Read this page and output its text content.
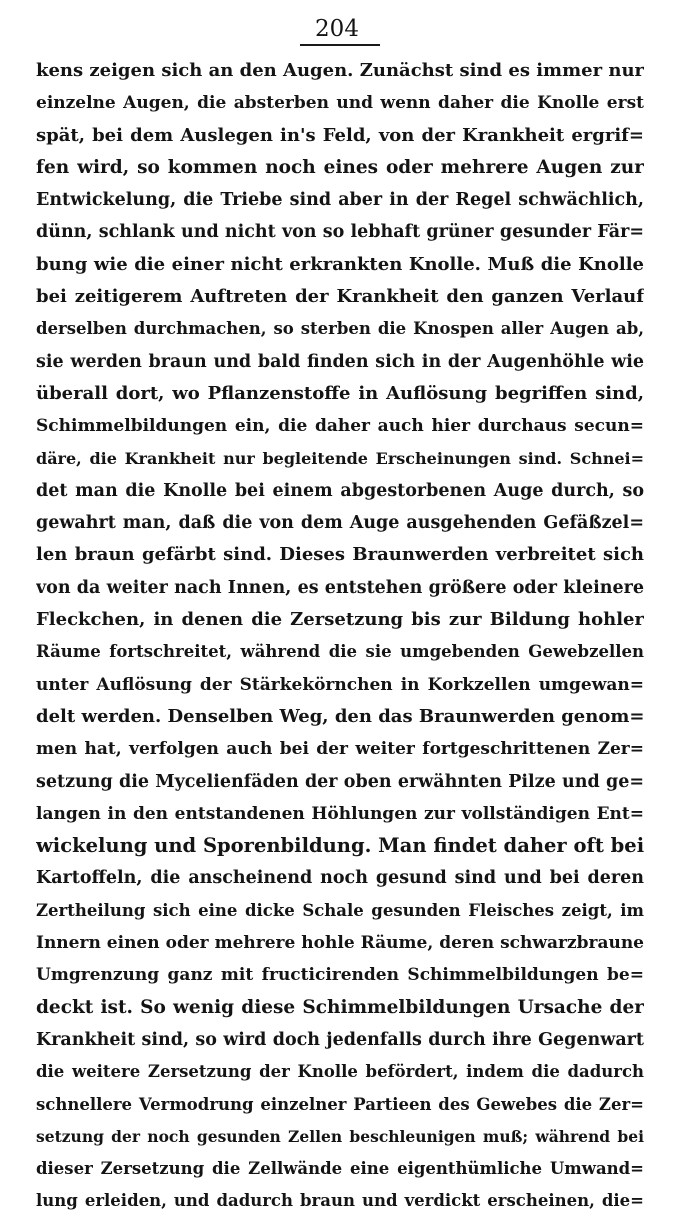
204
kens zeigen sich an den Augen. Zunächst sind es immer nur
einzelne Augen, die absterben und wenn daher die Knolle erst
spät, bei dem Auslegen in's Feld, von der Krankheit ergrif=
fen wird, so kommen noch eines oder mehrere Augen zur
Entwickelung, die Triebe sind aber in der Regel schwächlich,
dünn, schlank und nicht von so lebhaft grüner gesunder Fär=
bung wie die einer nicht erkrankten Knolle. Muß die Knolle
bei zeitigerem Auftreten der Krankheit den ganzen Verlauf
derselben durchmachen, so sterben die Knospen aller Augen ab,
sie werden braun und bald finden sich in der Augenhöhle wie
überall dort, wo Pflanzenstoffe in Auflösung begriffen sind,
Schimmelbildungen ein, die daher auch hier durchaus secun=
däre, die Krankheit nur begleitende Erscheinungen sind. Schnei=
det man die Knolle bei einem abgestorbenen Auge durch, so
gewahrt man, daß die von dem Auge ausgehenden Gefäßzel=
len braun gefärbt sind. Dieses Braunwerden verbreitet sich
von da weiter nach Innen, es entstehen größere oder kleinere
Fleckchen, in denen die Zersetzung bis zur Bildung hohler
Räume fortschreitet, während die sie umgebenden Gewebzellen
unter Auflösung der Stärkekörnchen in Korkzellen umgewan=
delt werden. Denselben Weg, den das Braunwerden genom=
men hat, verfolgen auch bei der weiter fortgeschrittenen Zer=
setzung die Mycelienfäden der oben erwähnten Pilze und ge=
langen in den entstandenen Höhlungen zur vollständigen Ent=
wickelung und Sporenbildung. Man findet daher oft bei
Kartoffeln, die anscheinend noch gesund sind und bei deren
Zertheilung sich eine dicke Schale gesunden Fleisches zeigt, im
Innern einen oder mehrere hohle Räume, deren schwarzbraune
Umgrenzung ganz mit fructicirenden Schimmelbildungen be=
deckt ist. So wenig diese Schimmelbildungen Ursache der
Krankheit sind, so wird doch jedenfalls durch ihre Gegenwart
die weitere Zersetzung der Knolle befördert, indem die dadurch
schnellere Vermodrung einzelner Partieen des Gewebes die Zer=
setzung der noch gesunden Zellen beschleunigen muß; während bei
dieser Zersetzung die Zellwände eine eigenthümliche Umwand=
lung erleiden, und dadurch braun und verdickt erscheinen, die=
